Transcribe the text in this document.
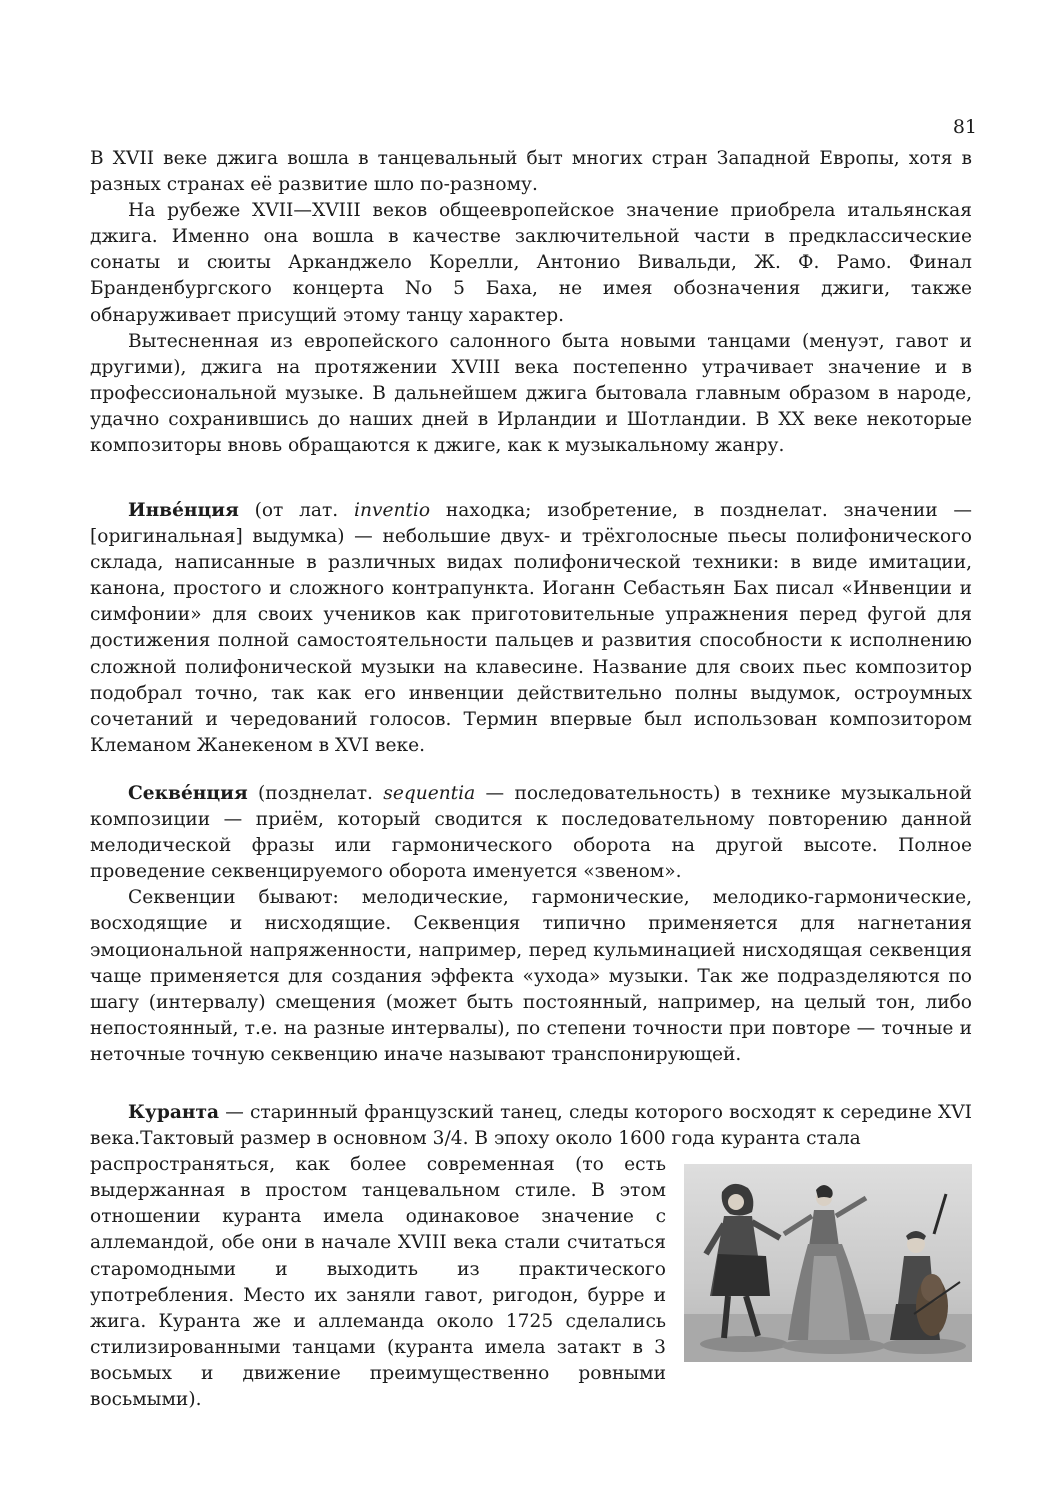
81

В XVII веке джига вошла в танцевальный быт многих стран Западной Европы, хотя в разных странах её развитие шло по-разному.

На рубеже XVII—XVIII веков общеевропейское значение приобрела итальянская джига. Именно она вошла в качестве заключительной части в предклассические сонаты и сюиты Арканджело Корелли, Антонио Вивальди, Ж. Ф. Рамо. Финал Бранденбургского концерта No 5 Баха, не имея обозначения джиги, также обнаруживает присущий этому танцу характер.

Вытесненная из европейского салонного быта новыми танцами (менуэт, гавот и другими), джига на протяжении XVIII века постепенно утрачивает значение и в профессиональной музыке. В дальнейшем джига бытовала главным образом в народе, удачно сохранившись до наших дней в Ирландии и Шотландии. В XX веке некоторые композиторы вновь обращаются к джиге, как к музыкальному жанру.

Инве́нция (от лат. inventio находка; изобретение, в позднелат. значении — [оригинальная] выдумка) — небольшие двух- и трёхголосные пьесы полифонического склада, написанные в различных видах полифонической техники: в виде имитации, канона, простого и сложного контрапункта. Иоганн Себастьян Бах писал «Инвенции и симфонии» для своих учеников как приготовительные упражнения перед фугой для достижения полной самостоятельности пальцев и развития способности к исполнению сложной полифонической музыки на клавесине. Название для своих пьес композитор подобрал точно, так как его инвенции действительно полны выдумок, остроумных сочетаний и чередований голосов. Термин впервые был использован композитором Клеманом Жанекеном в XVI веке.

Секве́нция (позднелат. sequentia — последовательность) в технике музыкальной композиции — приём, который сводится к последовательному повторению данной мелодической фразы или гармонического оборота на другой высоте. Полное проведение секвенцируемого оборота именуется «звеном».

Секвенции бывают: мелодические, гармонические, мелодико-гармонические, восходящие и нисходящие. Секвенция типично применяется для нагнетания эмоциональной напряженности, например, перед кульминацией нисходящая секвенция чаще применяется для создания эффекта «ухода» музыки. Так же подразделяются по шагу (интервалу) смещения (может быть постоянный, например, на целый тон, либо непостоянный, т.е. на разные интервалы), по степени точности при повторе — точные и неточные точную секвенцию иначе называют транспонирующей.

Куранта — старинный французский танец, следы которого восходят к середине XVI века.Тактовый размер в основном 3/4. В эпоху около 1600 года куранта стала

распространяться, как более современная (то есть выдержанная в простом танцевальном стиле. В этом отношении куранта имела одинаковое значение с аллемандой, обе они в начале XVIII века стали считаться старомодными и выходить из практического употребления. Место их заняли гавот, ригодон, бурре и жига. Куранта же и аллеманда около 1725 сделались стилизированными танцами (куранта имела затакт в 3 восьмых и движение преимущественно ровными восьмыми).
